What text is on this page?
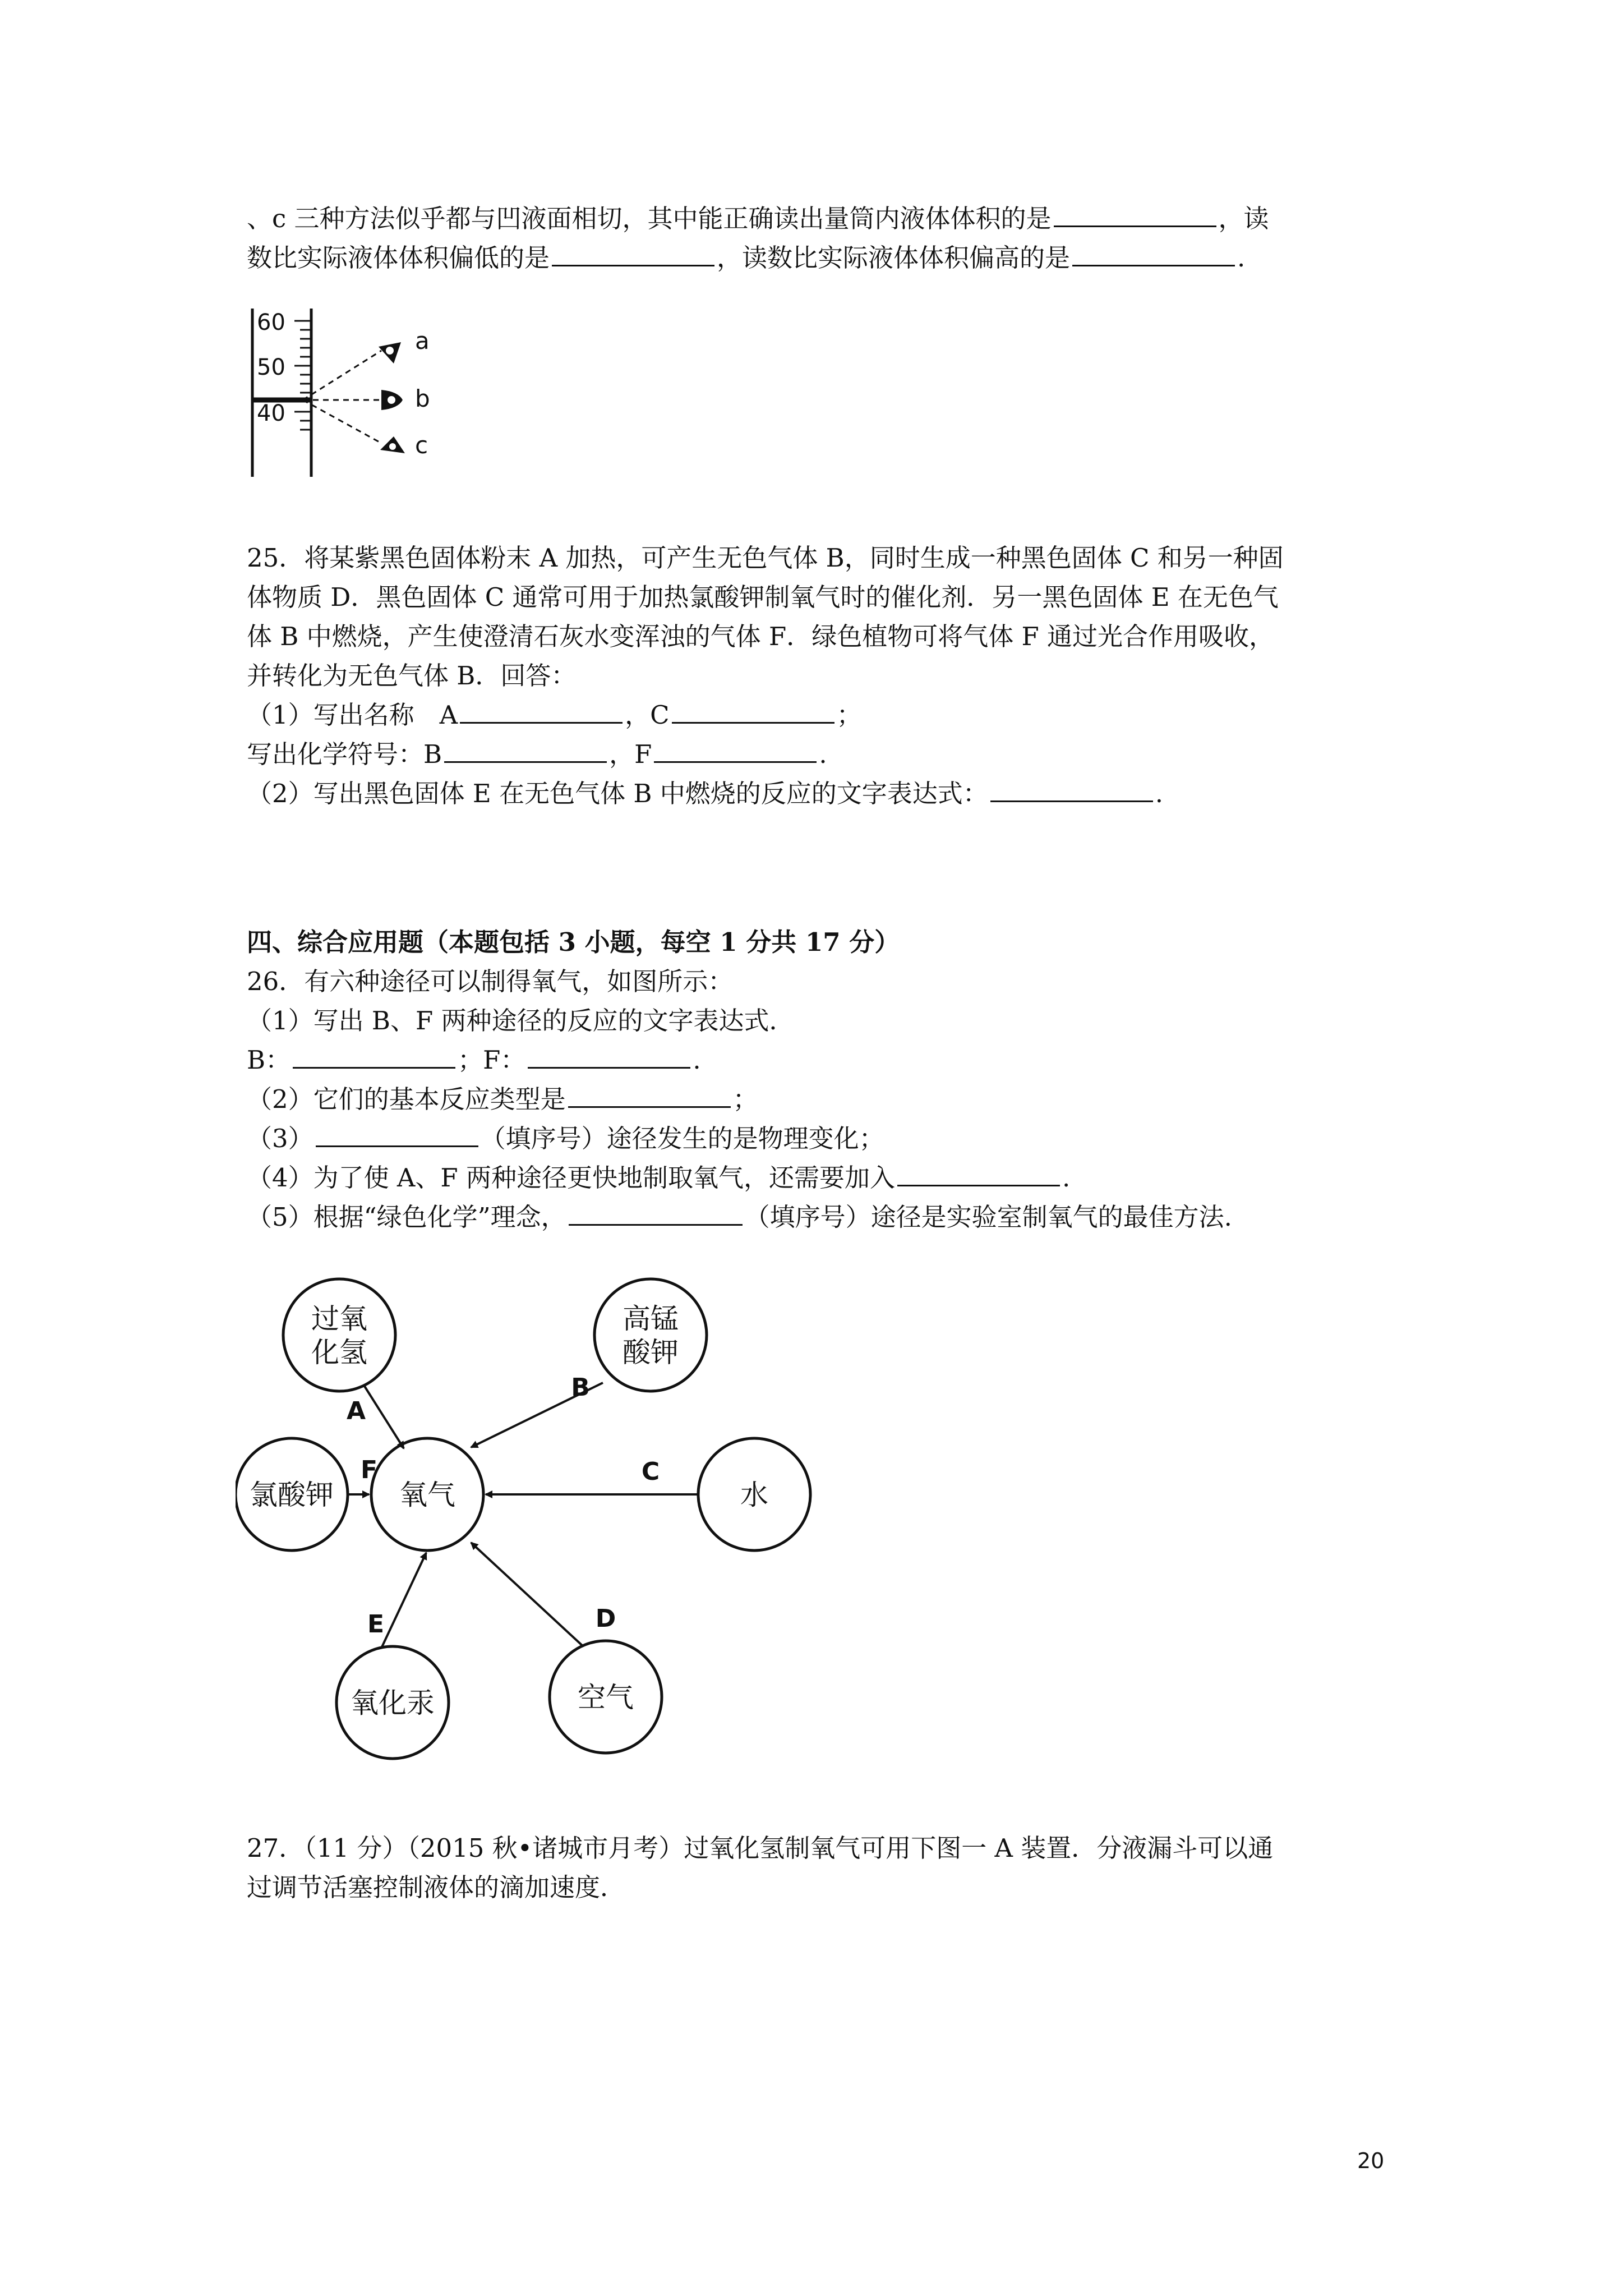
、c 三种方法似乎都与凹液面相切，其中能正确读出量筒内液体体积的是	，读
数比实际液体体积偏低的是	，读数比实际液体体积偏高的是	.
60
50
40
a
b
c
25．将某紫黑色固体粉末 A 加热，可产生无色气体 B，同时生成一种黑色固体 C 和另一种固
体物质 D．黑色固体 C 通常可用于加热氯酸钾制氧气时的催化剂．另一黑色固体 E 在无色气
体 B 中燃烧，产生使澄清石灰水变浑浊的气体 F．绿色植物可将气体 F 通过光合作用吸收，
并转化为无色气体 B．回答：
（1）写出名称　A	，C	；
写出化学符号：B	，F	.
（2）写出黑色固体 E 在无色气体 B 中燃烧的反应的文字表达式：	.
四、综合应用题（本题包括 3 小题，每空 1 分共 17 分）
26．有六种途径可以制得氧气，如图所示：
（1）写出 B、F 两种途径的反应的文字表达式．
B：	；F：	.
（2）它们的基本反应类型是	；
（3）	（填序号）途径发生的是物理变化；
（4）为了使 A、F 两种途径更快地制取氧气，还需要加入	.
（5）根据“绿色化学”理念，	（填序号）途径是实验室制氧气的最佳方法.
氧气
过氧
化氢
高锰
酸钾
氯酸钾	水
氧化汞	空气
A
B
C
F
E	D
27．（11 分）（2015 秋•诸城市月考）过氧化氢制氧气可用下图一 A 装置．分液漏斗可以通
过调节活塞控制液体的滴加速度．
20
